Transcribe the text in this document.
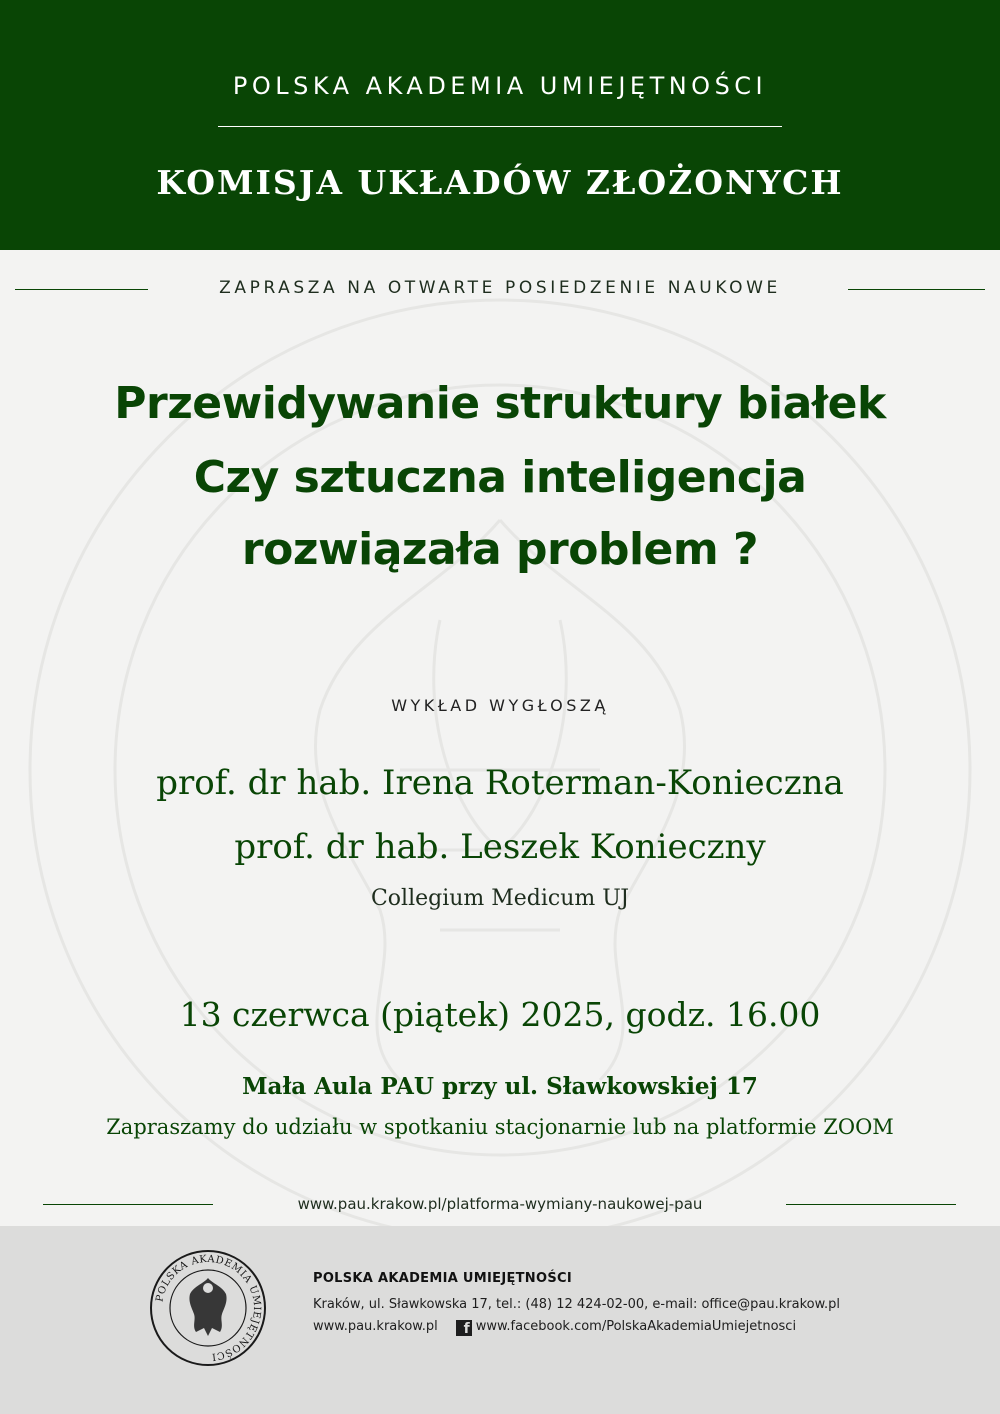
POLSKA AKADEMIA UMIEJĘTNOŚCI
KOMISJA UKŁADÓW ZŁOŻONYCH
ZAPRASZA NA OTWARTE POSIEDZENIE NAUKOWE
Przewidywanie struktury białek
Czy sztuczna inteligencja
rozwiązała problem ?
WYKŁAD WYGŁOSZĄ
prof. dr hab. Irena Roterman-Konieczna
prof. dr hab. Leszek Konieczny
Collegium Medicum UJ
13 czerwca (piątek) 2025, godz. 16.00
Mała Aula PAU przy ul. Sławkowskiej 17
Zapraszamy do udziału w spotkaniu stacjonarnie lub na platformie ZOOM
www.pau.krakow.pl/platforma-wymiany-naukowej-pau
POLSKA AKADEMIA UMIEJĘTNOŚCI
POLSKA AKADEMIA UMIEJĘTNOŚCI
Kraków, ul. Sławkowska 17, tel.: (48) 12 424-02-00, e-mail: office@pau.krakow.pl
www.pau.krakow.pl f www.facebook.com/PolskaAkademiaUmiejetnosci
